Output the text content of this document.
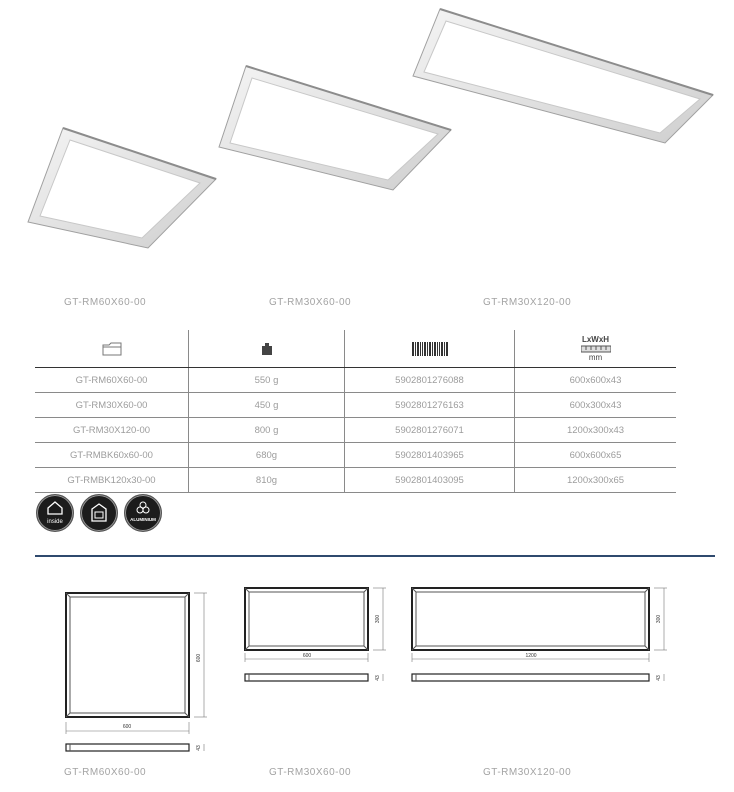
GT-RM60X60-00	GT-RM30X60-00	GT-RM30X120-00

LxWxH
mm

GT-RM60X60-00	550 g	5902801276088	600x600x43
GT-RM30X60-00	450 g	5902801276163	600x300x43
GT-RM30X120-00	800 g	5902801276071	1200x300x43
GT-RMBK60x60-00	680g	5902801403965	600x600x65
GT-RMBK120x30-00	810g	5902801403095	1200x300x65
inside	ALUMINIUM
600
600
43
600
300
43
1200
300
43
GT-RM60X60-00	GT-RM30X60-00	GT-RM30X120-00
